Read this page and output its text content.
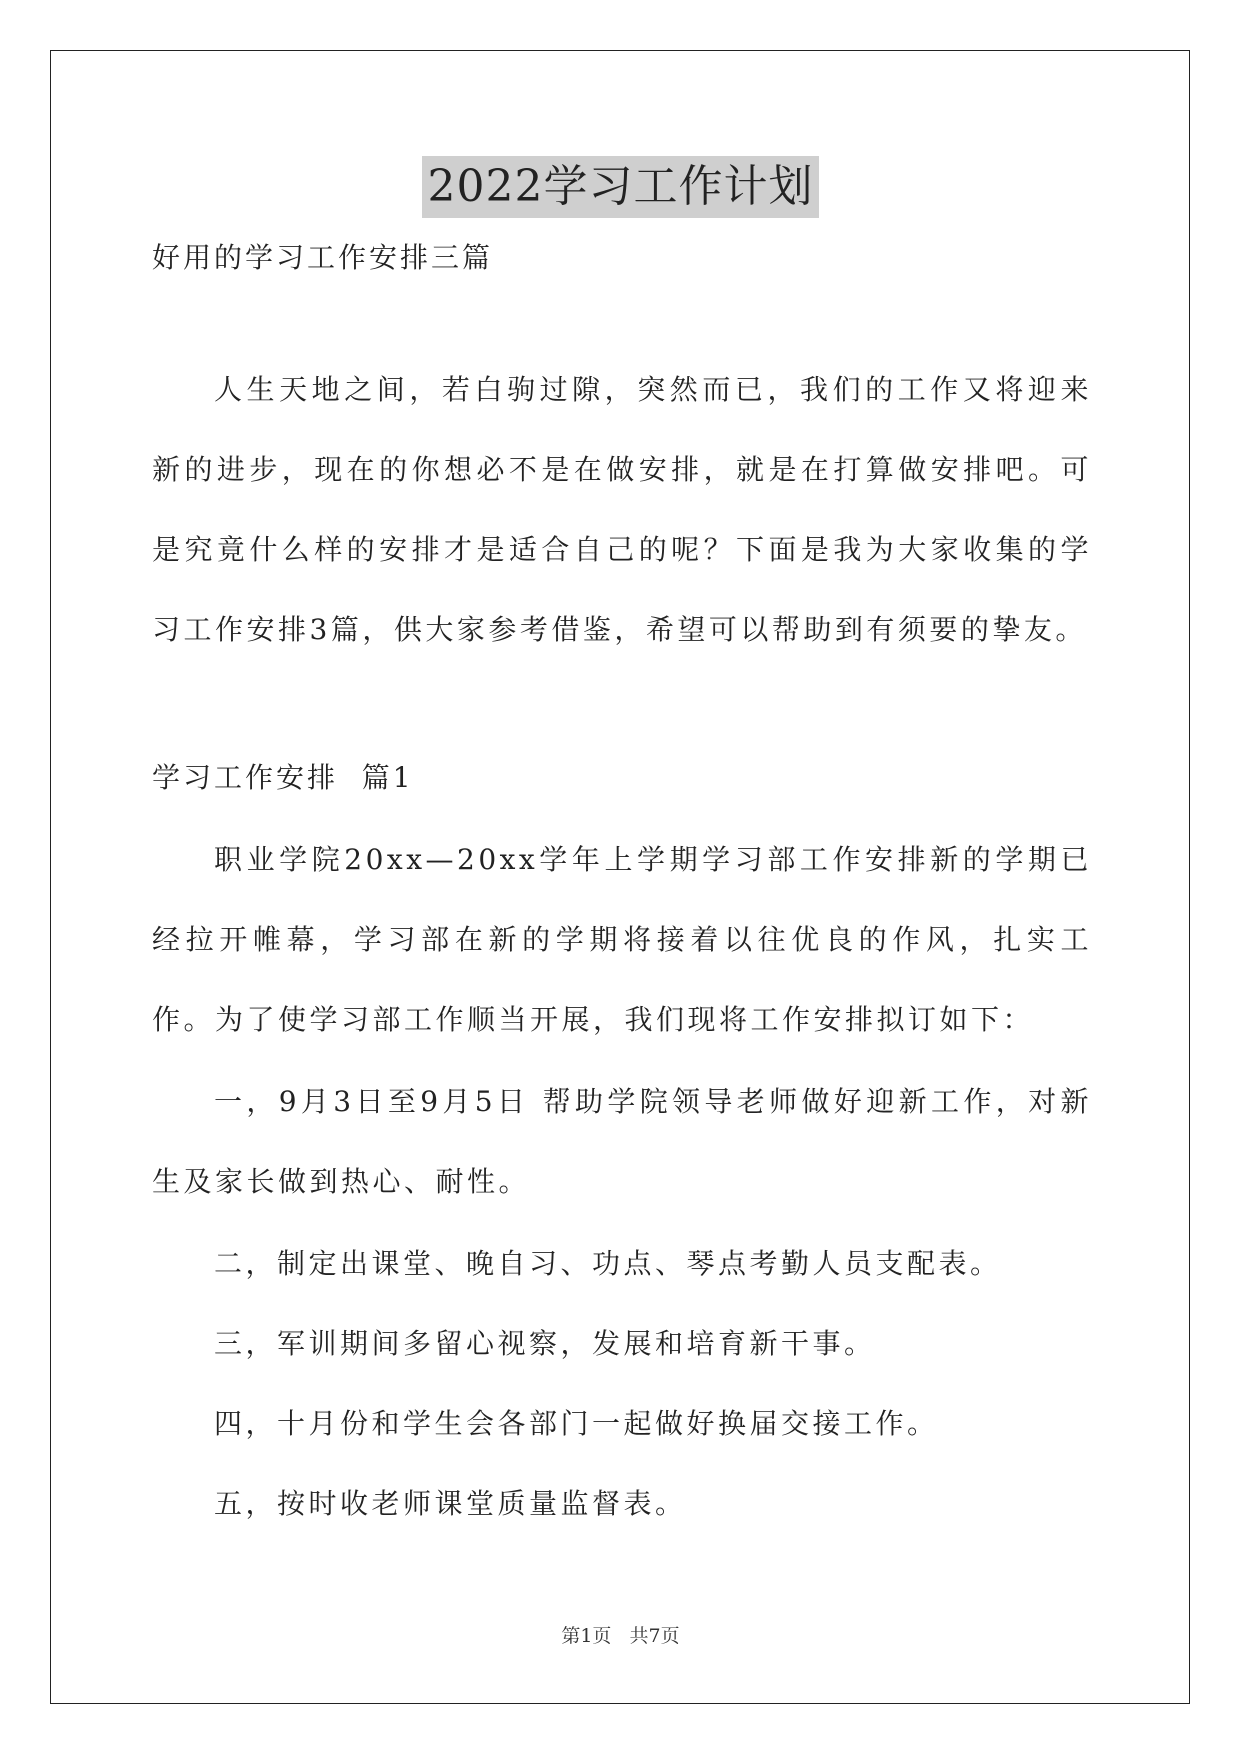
2022学习工作计划
好用的学习工作安排三篇

人生天地之间，若白驹过隙，突然而已，我们的工作又将迎来新的进步，现在的你想必不是在做安排，就是在打算做安排吧。可是究竟什么样的安排才是适合自己的呢？下面是我为大家收集的学习工作安排3篇，供大家参考借鉴，希望可以帮助到有须要的挚友。

学习工作安排  篇1

职业学院20xx—20xx学年上学期学习部工作安排新的学期已经拉开帷幕，学习部在新的学期将接着以往优良的作风，扎实工作。为了使学习部工作顺当开展，我们现将工作安排拟订如下：

一，9月3日至9月5日 帮助学院领导老师做好迎新工作，对新生及家长做到热心、耐性。

二，制定出课堂、晚自习、功点、琴点考勤人员支配表。

三，军训期间多留心视察，发展和培育新干事。

四，十月份和学生会各部门一起做好换届交接工作。

五，按时收老师课堂质量监督表。

第1页   共7页
